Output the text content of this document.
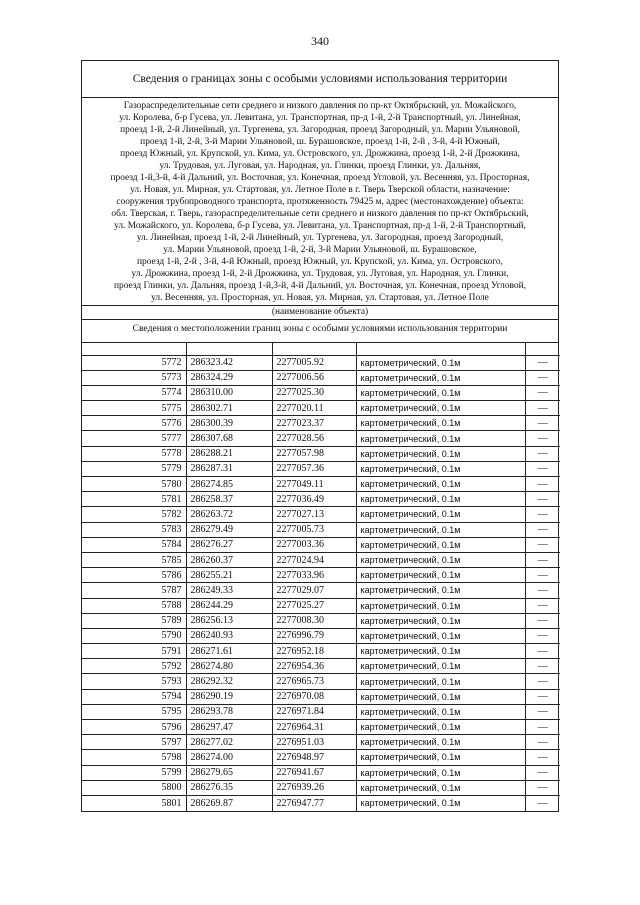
340
Сведения о границах зоны с особыми условиями использования территории
Газораспределительные сети среднего и низкого давления по пр-кт Октябрьский, ул. Можайского,
ул. Королева, б-р Гусева, ул. Левитана, ул. Транспортная, пр-д 1-й, 2-й Транспортный, ул. Линейная,
проезд 1-й, 2-й Линейный, ул. Тургенева, ул. Загородная, проезд Загородный, ул. Марии Ульяновой,
проезд 1-й, 2-й, 3-й Марии Ульяновой, ш. Бурашовское, проезд 1-й, 2-й , 3-й, 4-й Южный,
проезд Южный, ул. Крупской, ул. Кима, ул. Островского, ул. Дрожжина, проезд 1-й, 2-й Дрожжина,
ул. Трудовая, ул. Луговая, ул. Народная, ул. Глинки, проезд Глинки, ул. Дальняя,
проезд 1-й,3-й, 4-й Дальний, ул. Восточная, ул. Конечная, проезд Угловой, ул. Весенняя, ул. Просторная,
ул. Новая, ул. Мирная, ул. Стартовая, ул. Летное Поле в г. Тверь Тверской области, назначение:
сооружения трубопроводного транспорта, протяженность 79425 м, адрес (местонахождение) объекта:
обл. Тверская, г. Тверь, газораспределительные сети среднего и низкого давления по пр-кт Октябрьский,
ул. Можайского, ул. Королева, б-р Гусева, ул. Левитана, ул. Транспортная, пр-д 1-й, 2-й Транспортный,
ул. Линейная, проезд 1-й, 2-й Линейный, ул. Тургенева, ул. Загородная, проезд Загородный,
ул. Марии Ульяновой, проезд 1-й, 2-й, 3-й Марии Ульяновой, ш. Бурашовское,
проезд 1-й, 2-й , 3-й, 4-й Южный, проезд Южный, ул. Крупской, ул. Кима, ул. Островского,
ул. Дрожжина, проезд 1-й, 2-й Дрожжина, ул. Трудовая, ул. Луговая, ул. Народная, ул. Глинки,
проезд Глинки, ул. Дальняя, проезд 1-й,3-й, 4-й Дальний, ул. Восточная, ул. Конечная, проезд Угловой,
ул. Весенняя, ул. Просторная, ул. Новая, ул. Мирная, ул. Стартовая, ул. Летное Поле
(наименование объекта)
Сведения о местоположении границ зоны с особыми условиями использования территории

5772	286323.42	2277005.92	картометрический, 0.1м	—
5773	286324.29	2277006.56	картометрический, 0.1м	—
5774	286310.00	2277025.30	картометрический, 0.1м	—
5775	286302.71	2277020.11	картометрический, 0.1м	—
5776	286300.39	2277023.37	картометрический, 0.1м	—
5777	286307.68	2277028.56	картометрический, 0.1м	—
5778	286288.21	2277057.98	картометрический, 0.1м	—
5779	286287.31	2277057.36	картометрический, 0.1м	—
5780	286274.85	2277049.11	картометрический, 0.1м	—
5781	286258.37	2277036.49	картометрический, 0.1м	—
5782	286263.72	2277027.13	картометрический, 0.1м	—
5783	286279.49	2277005.73	картометрический, 0.1м	—
5784	286276.27	2277003.36	картометрический, 0.1м	—
5785	286260.37	2277024.94	картометрический, 0.1м	—
5786	286255.21	2277033.96	картометрический, 0.1м	—
5787	286249.33	2277029.07	картометрический, 0.1м	—
5788	286244.29	2277025.27	картометрический, 0.1м	—
5789	286256.13	2277008.30	картометрический, 0.1м	—
5790	286240.93	2276996.79	картометрический, 0.1м	—
5791	286271.61	2276952.18	картометрический, 0.1м	—
5792	286274.80	2276954.36	картометрический, 0.1м	—
5793	286292.32	2276965.73	картометрический, 0.1м	—
5794	286290.19	2276970.08	картометрический, 0.1м	—
5795	286293.78	2276971.84	картометрический, 0.1м	—
5796	286297.47	2276964.31	картометрический, 0.1м	—
5797	286277.02	2276951.03	картометрический, 0.1м	—
5798	286274.00	2276948.97	картометрический, 0.1м	—
5799	286279.65	2276941.67	картометрический, 0.1м	—
5800	286276.35	2276939.26	картометрический, 0.1м	—
5801	286269.87	2276947.77	картометрический, 0.1м	—
